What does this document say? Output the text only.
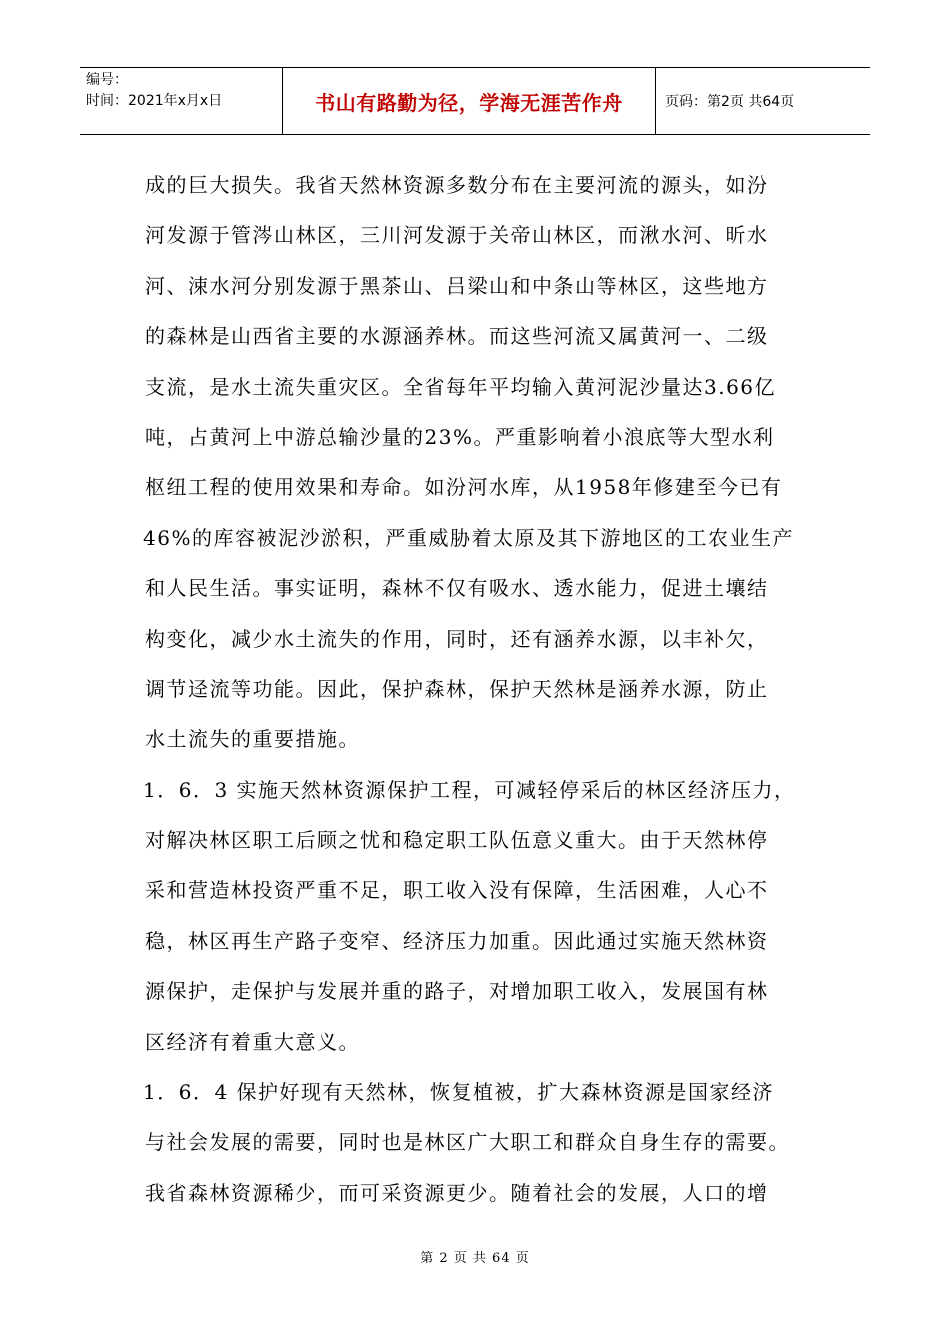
编号：
时间：2021年x月x日	书山有路勤为径，学海无涯苦作舟	页码：第2页 共64页
成的巨大损失。我省天然林资源多数分布在主要河流的源头，如汾
河发源于管涔山林区，三川河发源于关帝山林区，而湫水河、昕水
河、涑水河分别发源于黑茶山、吕梁山和中条山等林区，这些地方
的森林是山西省主要的水源涵养林。而这些河流又属黄河一、二级
支流，是水土流失重灾区。全省每年平均输入黄河泥沙量达3.66亿
吨，占黄河上中游总输沙量的23%。严重影响着小浪底等大型水利
枢纽工程的使用效果和寿命。如汾河水库，从1958年修建至今已有
46%的库容被泥沙淤积，严重威胁着太原及其下游地区的工农业生产
和人民生活。事实证明，森林不仅有吸水、透水能力，促进土壤结
构变化，减少水土流失的作用，同时，还有涵养水源，以丰补欠，
调节迳流等功能。因此，保护森林，保护天然林是涵养水源，防止
水土流失的重要措施。
1．6．3 实施天然林资源保护工程，可减轻停采后的林区经济压力，
对解决林区职工后顾之忧和稳定职工队伍意义重大。由于天然林停
采和营造林投资严重不足，职工收入没有保障，生活困难，人心不
稳，林区再生产路子变窄、经济压力加重。因此通过实施天然林资
源保护，走保护与发展并重的路子，对增加职工收入，发展国有林
区经济有着重大意义。
1．6．4 保护好现有天然林，恢复植被，扩大森林资源是国家经济
与社会发展的需要，同时也是林区广大职工和群众自身生存的需要。
我省森林资源稀少，而可采资源更少。随着社会的发展，人口的增
第 2 页 共 64 页
